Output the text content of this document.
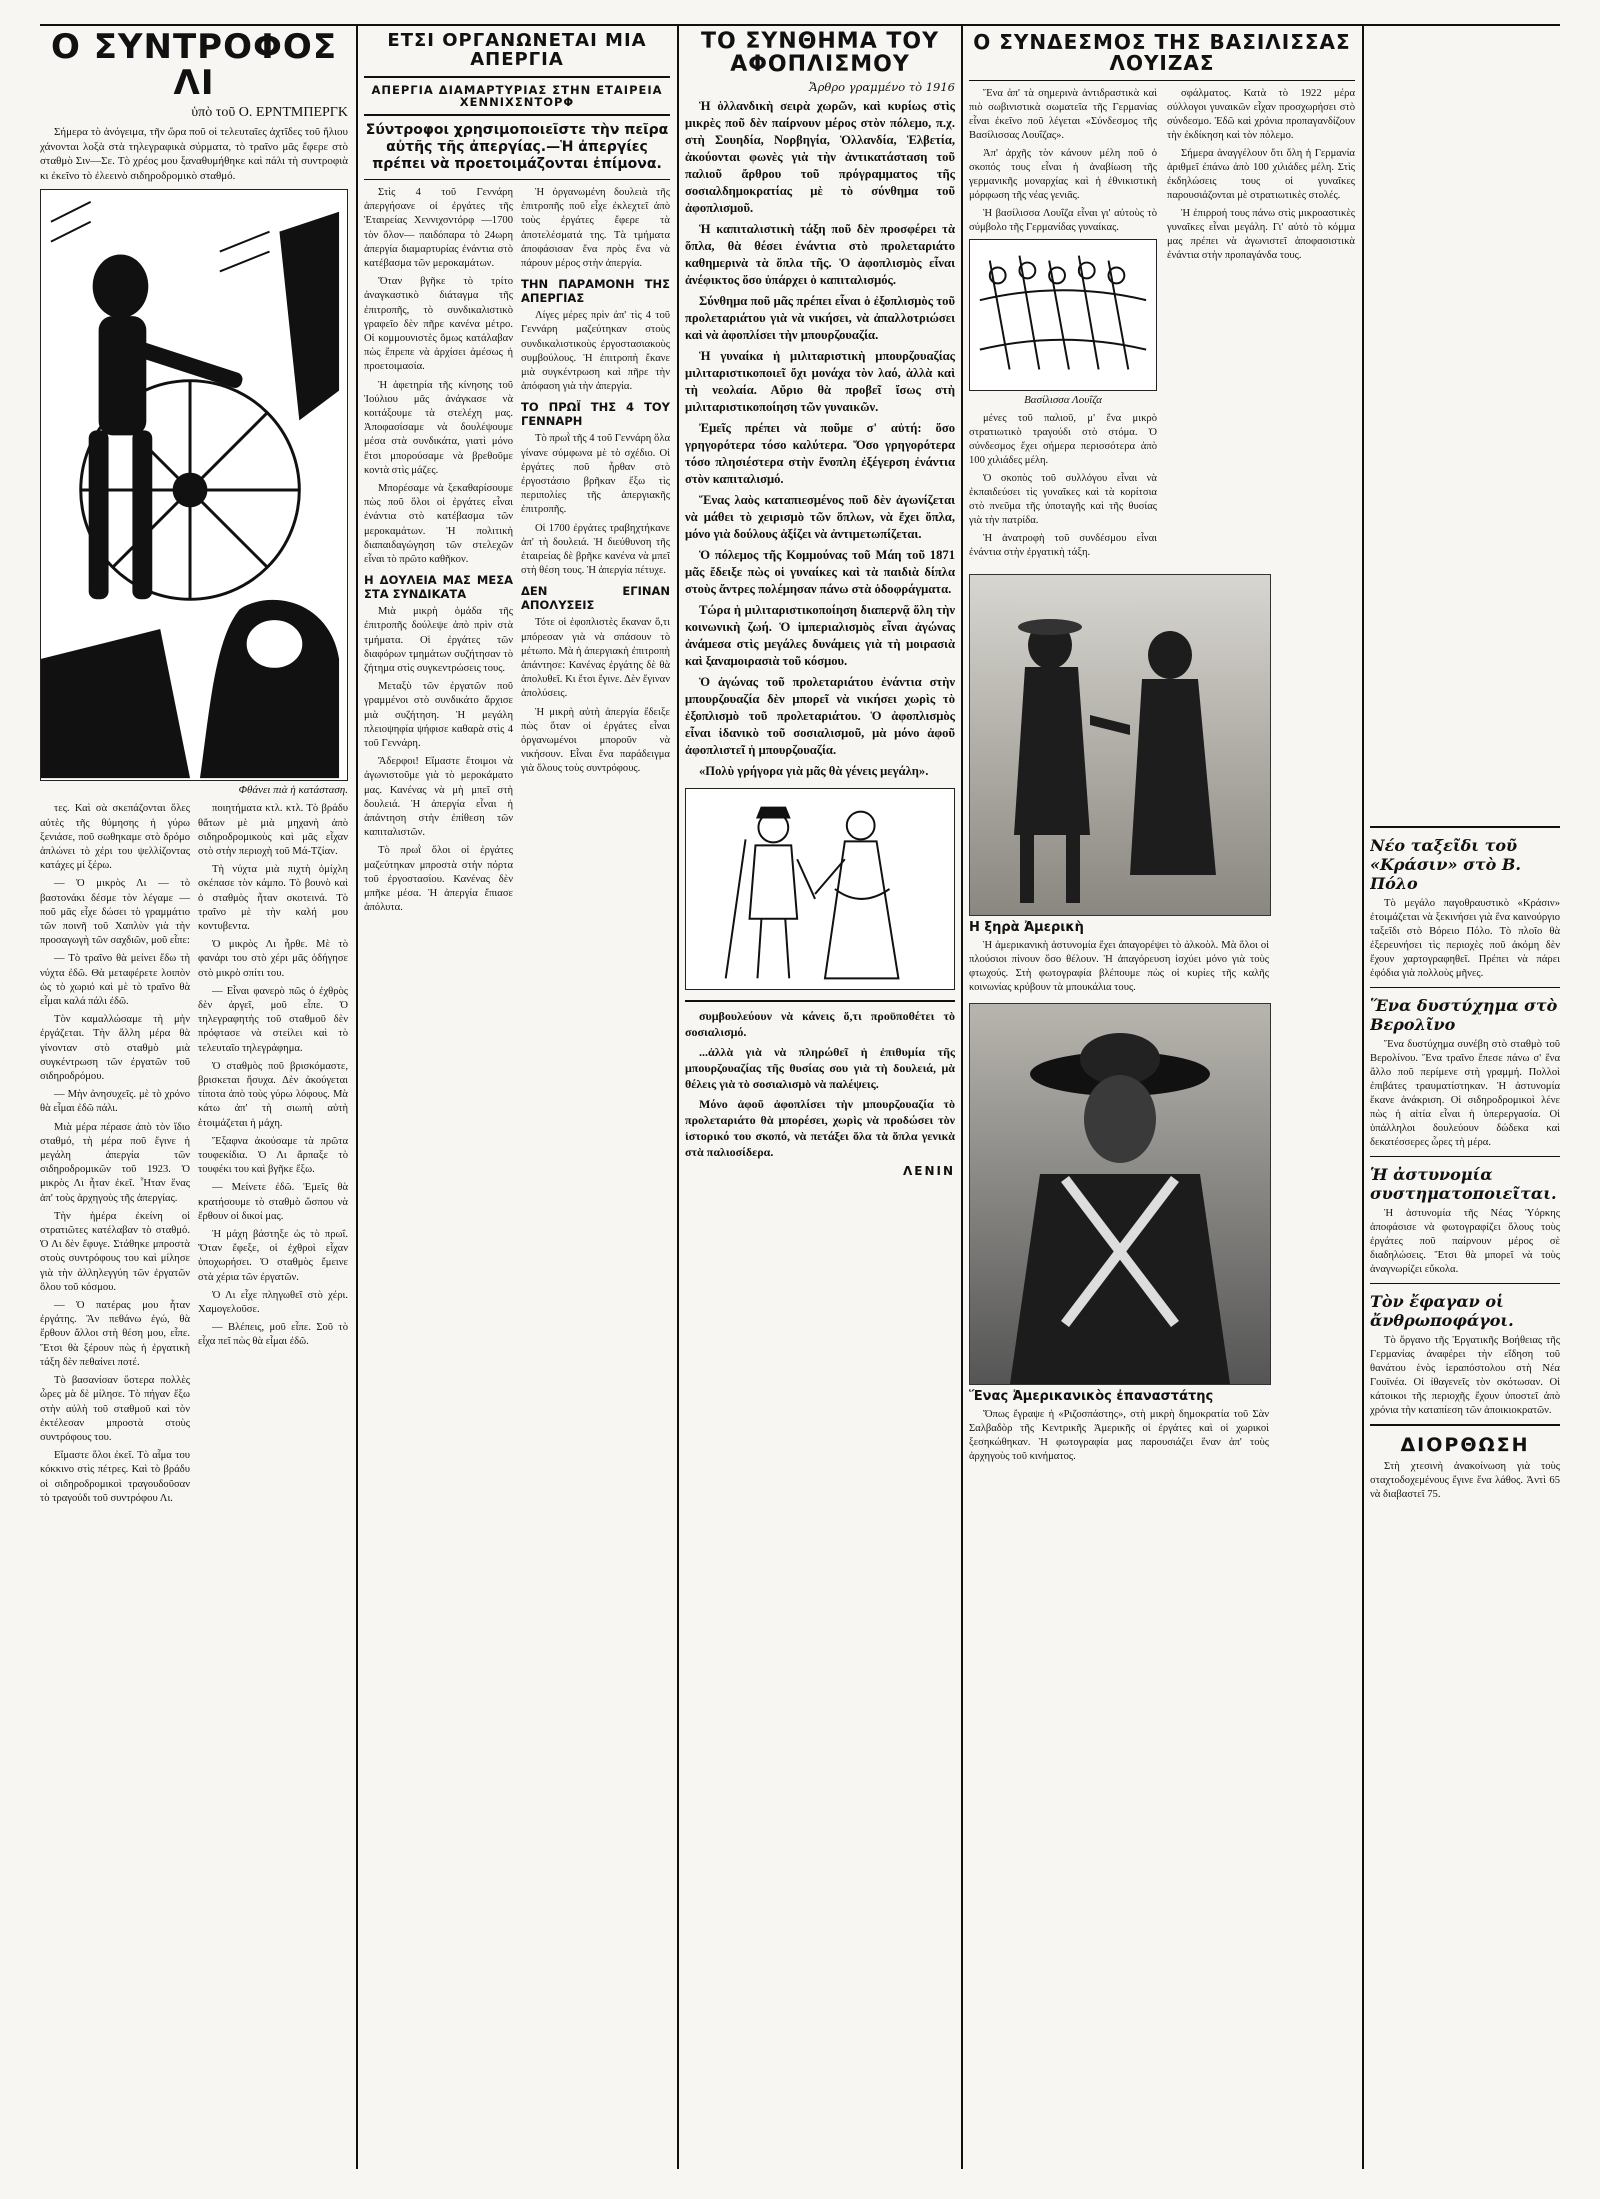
Ο ΣΥΝΤΡΟΦΟΣ ΛΙ
ὑπὸ τοῦ Ο. ΕΡΝΤΜΠΕΡΓΚ

Σήμερα τὸ ἀνόγειμα, τῆν ὥρα ποῦ οἱ τελευταῖες ἀχτῖδες τοῦ ἥλιου χάνονται λοξὰ στὰ τηλεγραφικὰ σύρματα, τὸ τραῖνο μᾶς ἔφερε στὸ σταθμὸ Σιν—Σε. Τὸ χρέος μου ξαναθυμήθηκε καὶ πάλι τὴ συντροφιὰ κι ἐκεῖνο τὸ ἐλεεινὸ σιδηροδρομικὸ σταθμό.

Φθάνει πιὰ ἡ κατάσταση.

τες. Καὶ σὰ σκεπάζονται ὅλες αὐτὲς τῆς θύμησης ἡ γύρω ξενιάσε, ποῦ σωθηκαμε στὸ δρόμο ἀπλώνει τὸ χέρι του ψελλίζοντας κατάχες μί ξέρω.

— Ὁ μικρὸς Λι — τὸ βαστονάκι δέσμε τὸν λέγαμε — ποῦ μᾶς εἶχε δώσει τὸ γραμμάτιο τῶν ποινῆ τοῦ Χαπλὺν γιὰ τὴν προσαγωγὴ τῶν σαχδιῶν, μοῦ εἶπε:

— Τὸ τραῖνο θὰ μείνει ἔδω τὴ νύχτα ἐδῶ. Θὰ μεταφέρετε λοιπὸν ὡς τὸ χωριό καὶ μὲ τὸ τραῖνο θὰ εἶμαι καλά πάλι ἐδῶ.

Τὸν καμαλλώσαμε τὴ μὴν ἐργάζεται. Τὴν ἄλλη μέρα θὰ γίνονταν στὸ σταθμὸ μιὰ συγκέντρωση τῶν ἐργατῶν τοῦ σιδηροδρόμου.

— Μὴν ἀνησυχεῖς. μὲ τὸ χρόνο θὰ εἶμαι ἐδῶ πάλι.

Μιὰ μέρα πέρασε ἀπὸ τὸν ἴδιο σταθμό, τὴ μέρα ποῦ ἔγινε ἡ μεγάλη ἀπεργία τῶν σιδηροδρομικῶν τοῦ 1923. Ὁ μικρὸς Λι ἦταν ἐκεῖ. Ἦταν ἕνας ἀπ' τοὺς ἀρχηγοὺς τῆς ἀπεργίας.

Τὴν ἡμέρα ἐκείνη οἱ στρατιῶτες κατέλαβαν τὸ σταθμό. Ὁ Λι δὲν ἔφυγε. Στάθηκε μπροστὰ στοὺς συντρόφους του καὶ μίλησε γιὰ τὴν ἀλληλεγγύη τῶν ἐργατῶν ὅλου τοῦ κόσμου.

— Ὁ πατέρας μου ἦταν ἐργάτης. Ἂν πεθάνω ἐγώ, θὰ ἔρθουν ἄλλοι στὴ θέση μου, εἶπε. Ἔτσι θὰ ξέρουν πὼς ἡ ἐργατικὴ τάξη δὲν πεθαίνει ποτέ.

Τὸ βασανίσαν ὕστερα πολλὲς ὧρες μὰ δὲ μίλησε. Τὸ πήγαν ἔξω στὴν αὐλὴ τοῦ σταθμοῦ καὶ τὸν ἐκτέλεσαν μπροστὰ στοὺς συντρόφους του.

Εἴμαστε ὅλοι ἐκεῖ. Τὸ αἷμα του κόκκινο στὶς πέτρες. Καὶ τὸ βράδυ οἱ σιδηροδρομικοὶ τραγουδοῦσαν τὸ τραγούδι τοῦ συντρόφου Λι.

ποιητήματα κτλ. κτλ. Τὸ βράδυ θἄτων μὲ μιὰ μηχανὴ ἀπὸ σιδηροδρομικοὺς καὶ μᾶς εἶχαν στὸ στὴν περιοχὴ τοῦ Μά-Τζίαν.

Τὴ νύχτα μιὰ πιχτὴ ὁμίχλη σκέπασε τὸν κάμπο. Τὸ βουνὸ καὶ ὁ σταθμὸς ἦταν σκοτεινά. Τὸ τραῖνο μὲ τὴν καλή μου κοντυβεντα.

Ὁ μικρὸς Λι ἦρθε. Μὲ τὸ φανάρι του στὸ χέρι μᾶς ὁδήγησε στὸ μικρὸ σπίτι του.

— Εἶναι φανερὸ πῶς ὁ ἐχθρὸς δὲν ἀργεῖ, μοῦ εἶπε. Ὁ τηλεγραφητὴς τοῦ σταθμοῦ δὲν πρόφτασε νὰ στείλει καὶ τὸ τελευταῖο τηλεγράφημα.

Ὁ σταθμὸς ποῦ βρισκόμαστε, βρισκεται ἥσυχα. Δὲν ἀκούγεται τίποτα ἀπὸ τοὺς γύρω λόφους. Μὰ κάτω ἀπ' τὴ σιωπὴ αὐτὴ ἑτοιμάζεται ἡ μάχη.

Ἔξαφνα ἀκούσαμε τὰ πρῶτα τουφεκίδια. Ὁ Λι ἄρπαξε τὸ τουφέκι του καὶ βγῆκε ἔξω.

— Μείνετε ἐδῶ. Ἐμεῖς θὰ κρατήσουμε τὸ σταθμὸ ὥσπου νὰ ἔρθουν οἱ δικοί μας.

Ἡ μάχη βάστηξε ὡς τὸ πρωΐ. Ὅταν ἔφεξε, οἱ ἐχθροὶ εἶχαν ὑποχωρήσει. Ὁ σταθμὸς ἔμεινε στὰ χέρια τῶν ἐργατῶν.

Ὁ Λι εἶχε πληγωθεῖ στὸ χέρι. Χαμογελοῦσε.

— Βλέπεις, μοῦ εἶπε. Σοῦ τὸ εἶχα πεῖ πὼς θὰ εἶμαι ἐδῶ.

ΕΤΣΙ ΟΡΓΑΝΩΝΕΤΑΙ ΜΙΑ ΑΠΕΡΓΙΑ
ΑΠΕΡΓΙΑ ΔΙΑΜΑΡΤΥΡΙΑΣ ΣΤΗΝ ΕΤΑΙΡΕΙΑ ΧΕΝΝΙΧΣΝΤΟΡΦ
Σύντροφοι χρησιμοποιεῖστε τὴν πεῖρα αὐτῆς τῆς ἀπεργίας.—Ἡ ἀπεργίες πρέπει νὰ προετοιμάζονται ἐπίμονα.

Στὶς 4 τοῦ Γεννάρη ἀπεργήσανε οἱ ἐργάτες τῆς Ἑταιρείας Χεννιχσντόρφ —1700 τὸν ὅλον— παιδόπαρα τὸ 24ωρη ἀπεργία διαμαρτυρίας ἐνάντια στὸ κατέβασμα τῶν μεροκαμάτων.

Ὅταν βγῆκε τὸ τρίτο ἀναγκαστικὸ διάταγμα τῆς ἐπιτροπῆς, τὸ συνδικαλιστικὸ γραφεῖο δὲν πῆρε κανένα μέτρο. Οἱ κομμουνιστὲς ὅμως κατάλαβαν πὼς ἔπρεπε νὰ ἀρχίσει ἀμέσως ἡ προετοιμασία.

Ἡ ἀφετηρία τῆς κίνησης τοῦ Ἰούλιου μᾶς ἀνάγκασε νὰ κοιτάξουμε τὰ στελέχη μας. Ἀποφασίσαμε νὰ δουλέψουμε μέσα στὰ συνδικάτα, γιατὶ μόνο ἔτσι μπορούσαμε νὰ βρεθοῦμε κοντὰ στὶς μάζες.

Μπορέσαμε νὰ ξεκαθαρίσουμε πὼς ποῦ ὅλοι οἱ ἐργάτες εἶναι ἐνάντια στὸ κατέβασμα τῶν μεροκαμάτων. Ἡ πολιτικὴ διαπαιδαγώγηση τῶν στελεχῶν εἶναι τὸ πρῶτο καθῆκον.

Η ΔΟΥΛΕΙΑ ΜΑΣ ΜΕΣΑ ΣΤΑ ΣΥΝΔΙΚΑΤΑ

Μιὰ μικρὴ ὁμάδα τῆς ἐπιτροπῆς δούλεψε ἀπὸ πρὶν στὰ τμήματα. Οἱ ἐργάτες τῶν διαφόρων τμημάτων συζήτησαν τὸ ζήτημα στὶς συγκεντρώσεις τους.

Μεταξὺ τῶν ἐργατῶν ποῦ γραμμένοι στὸ συνδικάτο ἄρχισε μιὰ συζήτηση. Ἡ μεγάλη πλειοψηφία ψήφισε καθαρὰ στὶς 4 τοῦ Γεννάρη.

Ἄδερφοι! Εἴμαστε ἕτοιμοι νὰ ἀγωνιστοῦμε γιὰ τὸ μεροκάματο μας. Κανένας νὰ μὴ μπεῖ στὴ δουλειά. Ἡ ἀπεργία εἶναι ἡ ἀπάντηση στὴν ἐπίθεση τῶν καπιταλιστῶν.

Τὸ πρωῒ ὅλοι οἱ ἐργάτες μαζεύτηκαν μπροστὰ στὴν πόρτα τοῦ ἐργοστασίου. Κανένας δὲν μπῆκε μέσα. Ἡ ἀπεργία ἔπιασε ἀπόλυτα.

Ἡ ὀργανωμένη δουλειὰ τῆς ἐπιτροπῆς ποῦ εἶχε ἐκλεχτεῖ ἀπὸ τοὺς ἐργάτες ἔφερε τὰ ἀποτελέσματά της. Τὰ τμήματα ἀποφάσισαν ἕνα πρὸς ἕνα νὰ πάρουν μέρος στὴν ἀπεργία.

ΤΗΝ ΠΑΡΑΜΟΝΗ ΤΗΣ ΑΠΕΡΓΙΑΣ

Λίγες μέρες πρὶν ἀπ' τὶς 4 τοῦ Γεννάρη μαζεύτηκαν στοὺς συνδικαλιστικοὺς ἐργοστασιακοὺς συμβούλους. Ἡ ἐπιτροπὴ ἔκανε μιὰ συγκέντρωση καὶ πῆρε τὴν ἀπόφαση γιὰ τὴν ἀπεργία.

ΤΟ ΠΡΩΪ ΤΗΣ 4 ΤΟΥ ΓΕΝΝΑΡΗ

Τὸ πρωῒ τῆς 4 τοῦ Γεννάρη ὅλα γίνανε σύμφωνα μὲ τὸ σχέδιο. Οἱ ἐργάτες ποῦ ἦρθαν στὸ ἐργοστάσιο βρῆκαν ἔξω τὶς περιπολίες τῆς ἀπεργιακῆς ἐπιτροπῆς.

Οἱ 1700 ἐργάτες τραβηχτήκανε ἀπ' τὴ δουλειά. Ἡ διεύθυνση τῆς ἐταιρείας δὲ βρῆκε κανένα νὰ μπεῖ στὴ θέση τους. Ἡ ἀπεργία πέτυχε.

ΔΕΝ ΕΓΙΝΑΝ ΑΠΟΛΥΣΕΙΣ

Τότε οἱ ἐφοπλιστὲς ἔκαναν ὅ,τι μπόρεσαν γιὰ νὰ σπάσουν τὸ μέτωπο. Μὰ ἡ ἀπεργιακὴ ἐπιτροπὴ ἀπάντησε: Κανένας ἐργάτης δὲ θὰ ἀπολυθεῖ. Κι ἔτσι ἔγινε. Δὲν ἔγιναν ἀπολύσεις.

Ἡ μικρὴ αὐτὴ ἀπεργία ἔδειξε πὼς ὅταν οἱ ἐργάτες εἶναι ὀργανωμένοι μποροῦν νὰ νικήσουν. Εἶναι ἕνα παράδειγμα γιὰ ὅλους τοὺς συντρόφους.

ΤΟ ΣΥΝΘΗΜΑ ΤΟΥ ΑΦΟΠΛΙΣΜΟΥ
Ἄρθρο γραμμένο τὸ 1916

Ἡ ὁλλανδικὴ σειρὰ χωρῶν, καὶ κυρίως στὶς μικρὲς ποῦ δὲν παίρνουν μέρος στὸν πόλεμο, π.χ. στὴ Σουηδία, Νορβηγία, Ὁλλανδία, Ἑλβετία, ἀκούονται φωνὲς γιὰ τὴν ἀντικατάσταση τοῦ παλιοῦ ἄρθρου τοῦ πρόγραμματος τῆς σοσιαλδημοκρατίας μὲ τὸ σύνθημα τοῦ ἀφοπλισμοῦ.

Ἡ καπιταλιστικὴ τάξη ποῦ δὲν προσφέρει τὰ ὅπλα, θὰ θέσει ἐνάντια στὸ προλεταριάτο καθημερινὰ τὰ ὅπλα τῆς. Ὁ ἀφοπλισμὸς εἶναι ἀνέφικτος ὅσο ὑπάρχει ὁ καπιταλισμός.

Σύνθημα ποῦ μᾶς πρέπει εἶναι ὁ ἐξοπλισμὸς τοῦ προλεταριάτου γιὰ νὰ νικήσει, νὰ ἀπαλλοτριώσει καὶ νὰ ἀφοπλίσει τὴν μπουρζουαζία.

Ἡ γυναίκα ἡ μιλιταριστικὴ μπουρζουαζίας μιλιταριστικοποιεῖ ὄχι μονάχα τὸν λαό, ἀλλὰ καὶ τὴ νεολαία. Αὔριο θὰ προβεῖ ἴσως στὴ μιλιταριστικοποίηση τῶν γυναικῶν.

Ἐμεῖς πρέπει νὰ ποῦμε σ' αὐτή: ὅσο γρηγορότερα τόσο καλύτερα. Ὅσο γρηγορότερα τόσο πλησιέστερα στὴν ἔνοπλη ἐξέγερση ἐνάντια στὸν καπιταλισμό.

Ἕνας λαὸς καταπιεσμένος ποῦ δὲν ἀγωνίζεται νὰ μάθει τὸ χειρισμὸ τῶν ὅπλων, νὰ ἔχει ὅπλα, μόνο γιὰ δούλους ἀξίζει νὰ ἀντιμετωπίζεται.

Ὁ πόλεμος τῆς Κομμούνας τοῦ Μάη τοῦ 1871 μᾶς ἔδειξε πὼς οἱ γυναίκες καὶ τὰ παιδιὰ δίπλα στοὺς ἄντρες πολέμησαν πάνω στὰ ὁδοφράγματα.

Τώρα ἡ μιλιταριστικοποίηση διαπερνᾷ ὅλη τὴν κοινωνικὴ ζωή. Ὁ ἰμπεριαλισμὸς εἶναι ἀγώνας ἀνάμεσα στὶς μεγάλες δυνάμεις γιὰ τὴ μοιρασιὰ καὶ ξαναμοιρασιὰ τοῦ κόσμου.

Ὁ ἀγώνας τοῦ προλεταριάτου ἐνάντια στὴν μπουρζουαζία δὲν μπορεῖ νὰ νικήσει χωρὶς τὸ ἐξοπλισμὸ τοῦ προλεταριάτου. Ὁ ἀφοπλισμὸς εἶναι ἰδανικὸ τοῦ σοσιαλισμοῦ, μὰ μόνο ἀφοῦ ἀφοπλιστεῖ ἡ μπουρζουαζία.

«Πολὺ γρήγορα γιὰ μᾶς θὰ γένεις μεγάλη».

συμβουλεύουν νὰ κάνεις ὅ,τι προϋποθέτει τὸ σοσιαλισμό.

...ἀλλὰ γιὰ νὰ πληρώθεῖ ἡ ἐπιθυμία τῆς μπουρζουαζίας τῆς θυσίας σου γιὰ τὴ δουλειά, μὰ θέλεις γιὰ τὸ σοσιαλισμὸ νὰ παλέψεις.

Μόνο ἀφοῦ ἀφοπλίσει τὴν μπουρζουαζία τὸ προλεταριάτο θὰ μπορέσει, χωρὶς νὰ προδώσει τὸν ἱστορικό του σκοπό, νὰ πετάξει ὅλα τὰ ὅπλα γενικὰ στὰ παλιοσίδερα.

ΛΕΝΙΝ
Ο ΣΥΝΔΕΣΜΟΣ ΤΗΣ ΒΑΣΙΛΙΣΣΑΣ ΛΟΥΙΖΑΣ

Ἕνα ἀπ' τὰ σημερινὰ ἀντιδραστικὰ καὶ πιὸ σωβινιστικὰ σωματεῖα τῆς Γερμανίας εἶναι ἐκεῖνο ποῦ λέγεται «Σύνδεσμος τῆς Βασίλισσας Λουΐζας».

Ἀπ' ἀρχῆς τὸν κάνουν μέλη ποῦ ὁ σκοπός τους εἶναι ἡ ἀναβίωση τῆς γερμανικῆς μοναρχίας καὶ ἡ ἐθνικιστικὴ μόρφωση τῆς νέας γενιᾶς.

Ἡ βασίλισσα Λουΐζα εἶναι γι' αὐτοὺς τὸ σύμβολο τῆς Γερμανίδας γυναίκας.

Βασίλισσα Λουΐζα

μένες τοῦ παλιοῦ, μ' ἕνα μικρὸ στρατιωτικὸ τραγούδι στὸ στόμα. Ὁ σύνδεσμος ἔχει σήμερα περισσότερα ἀπὸ 100 χιλιάδες μέλη.

Ὁ σκοπὸς τοῦ συλλόγου εἶναι νὰ ἐκπαιδεύσει τὶς γυναῖκες καὶ τὰ κορίτσια στὸ πνεῦμα τῆς ὑποταγῆς καὶ τῆς θυσίας γιὰ τὴν πατρίδα.

Ἡ ἀνατροφὴ τοῦ συνδέσμου εἶναι ἐνάντια στὴν ἐργατικὴ τάξη.

σφάλματος. Κατὰ τὸ 1922 μέρα σύλλογοι γυναικῶν εἶχαν προσχωρήσει στὸ σύνδεσμο. Ἐδῶ καὶ χρόνια προπαγανδίζουν τὴν ἐκδίκηση καὶ τὸν πόλεμο.

Σήμερα ἀναγγέλουν ὅτι ὅλη ἡ Γερμανία ἀριθμεῖ ἐπάνω ἀπὸ 100 χιλιάδες μέλη. Στὶς ἐκδηλώσεις τους οἱ γυναῖκες παρουσιάζονται μὲ στρατιωτικὲς στολές.

Ἡ ἐπιρροή τους πάνω στὶς μικροαστικὲς γυναῖκες εἶναι μεγάλη. Γι' αὐτὸ τὸ κόμμα μας πρέπει νὰ ἀγωνιστεῖ ἀποφασιστικὰ ἐνάντια στὴν προπαγάνδα τους.

Η ξηρὰ Ἀμερικὴ

Ἡ ἀμερικανικὴ ἀστυνομία ἔχει ἀπαγορέψει τὸ ἀλκοὸλ. Μὰ ὅλοι οἱ πλούσιοι πίνουν ὅσο θέλουν. Ἡ ἀπαγόρευση ἰσχύει μόνο γιὰ τοὺς φτωχούς. Στὴ φωτογραφία βλέπουμε πὼς οἱ κυρίες τῆς καλῆς κοινωνίας κρύβουν τὰ μπουκάλια τους.

Ἕνας Ἀμερικανικὸς ἐπαναστάτης

Ὅπως ἔγραψε ἡ «Ριζοσπάστης», στὴ μικρὴ δημοκρατία τοῦ Σὰν Σαλβαδὸρ τῆς Κεντρικῆς Ἀμερικῆς οἱ ἐργάτες καὶ οἱ χωρικοὶ ξεσηκώθηκαν. Ἡ φωτογραφία μας παρουσιάζει ἕναν ἀπ' τοὺς ἀρχηγοὺς τοῦ κινήματος.

Νέο ταξεῖδι τοῦ «Κράσιν» στὸ Β. Πόλο

Τὸ μεγάλο παγοθραυστικὸ «Κράσιν» ἐτοιμάζεται νὰ ξεκινήσει γιὰ ἕνα καινούργιο ταξεῖδι στὸ Βόρειο Πόλο. Τὸ πλοῖο θὰ ἐξερευνήσει τὶς περιοχὲς ποῦ ἀκόμη δὲν ἔχουν χαρτογραφηθεῖ. Πρέπει νὰ πάρει ἐφόδια γιὰ πολλοὺς μῆνες.

Ἕνα δυστύχημα στὸ Βερολῖνο

Ἕνα δυστύχημα συνέβη στὸ σταθμὸ τοῦ Βερολίνου. Ἕνα τραῖνο ἔπεσε πάνω σ' ἕνα ἄλλο ποῦ περίμενε στὴ γραμμή. Πολλοὶ ἐπιβάτες τραυματίστηκαν. Ἡ ἀστυνομία ἔκανε ἀνάκριση. Οἱ σιδηροδρομικοὶ λένε πὼς ἡ αἰτία εἶναι ἡ ὑπερεργασία. Οἱ ὑπάλληλοι δουλεύουν δώδεκα καὶ δεκατέσσερες ὧρες τὴ μέρα.

Ἡ ἀστυνομία συστηματοποιεῖται.

Ἡ ἀστυνομία τῆς Νέας Ὑόρκης ἀποφάσισε νὰ φωτογραφίζει ὅλους τοὺς ἐργάτες ποῦ παίρνουν μέρος σὲ διαδηλώσεις. Ἔτσι θὰ μπορεῖ νὰ τοὺς ἀναγνωρίζει εὔκολα.

Τὸν ἔφαγαν οἱ ἄνθρωποφάγοι.

Τὸ ὄργανο τῆς Ἐργατικῆς Βοήθειας τῆς Γερμανίας ἀναφέρει τὴν εἴδηση τοῦ θανάτου ἑνὸς ἱεραπόστολου στὴ Νέα Γουϊνέα. Οἱ ἰθαγενεῖς τὸν σκότωσαν. Οἱ κάτοικοι τῆς περιοχῆς ἔχουν ὑποστεῖ ἀπὸ χρόνια τὴν καταπίεση τῶν ἀποικιοκρατῶν.

ΔΙΟΡΘΩΣΗ

Στὴ χτεσινὴ ἀνακοίνωση γιὰ τοὺς σταχτοδοχεμένους ἔγινε ἕνα λάθος. Ἀντὶ 65 νὰ διαβαστεῖ 75.
